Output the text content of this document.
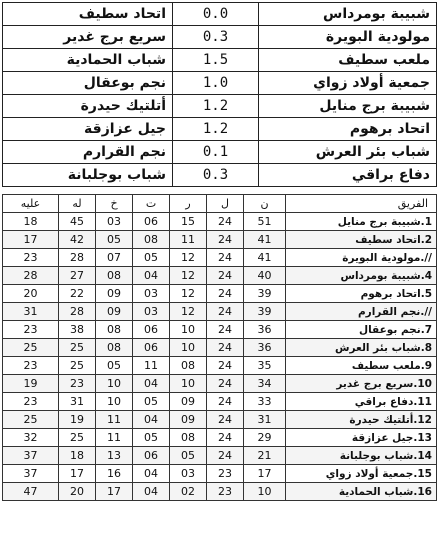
اتحاد سطيف	0.0	شبيبة بومرداس
سريع برج غدير	0.3	مولودية البويرة
شباب الحمادية	1.5	ملعب سطيف
نجم بوعقال	1.0	جمعية أولاد زواي
أتلتيك حيدرة	1.2	شبيبة برج منايل
جيل عزازقة	1.2	اتحاد برهوم
نجم القرارم	0.1	شباب بئر العرش
شباب بوجلبانة	0.3	دفاع براقي
عليه	له	خ	ت	ر	ل	ن	الفريق
18	45	03	06	15	24	51	1.شبيبة برج منايل
17	42	05	08	11	24	41	2.اتحاد سطيف
23	28	07	05	12	24	41	//.مولودية البويرة
28	27	08	04	12	24	40	4.شبيبة بومرداس
20	22	09	03	12	24	39	5.اتحاد برهوم
31	28	09	03	12	24	39	//.نجم القرارم
23	38	08	06	10	24	36	7.نجم بوعقال
25	25	08	06	10	24	36	8.شباب بئر العرش
23	25	05	11	08	24	35	9.ملعب سطيف
19	23	10	04	10	24	34	10.سريع برج غدير
23	31	10	05	09	24	33	11.دفاع براقي
25	19	11	04	09	24	31	12.أتلتيك حيدرة
32	25	11	05	08	24	29	13.جيل عزازقة
37	18	13	06	05	24	21	14.شباب بوجلبانة
37	17	16	04	03	23	17	15.جمعية أولاد زواي
47	20	17	04	02	23	10	16.شباب الحمادية
